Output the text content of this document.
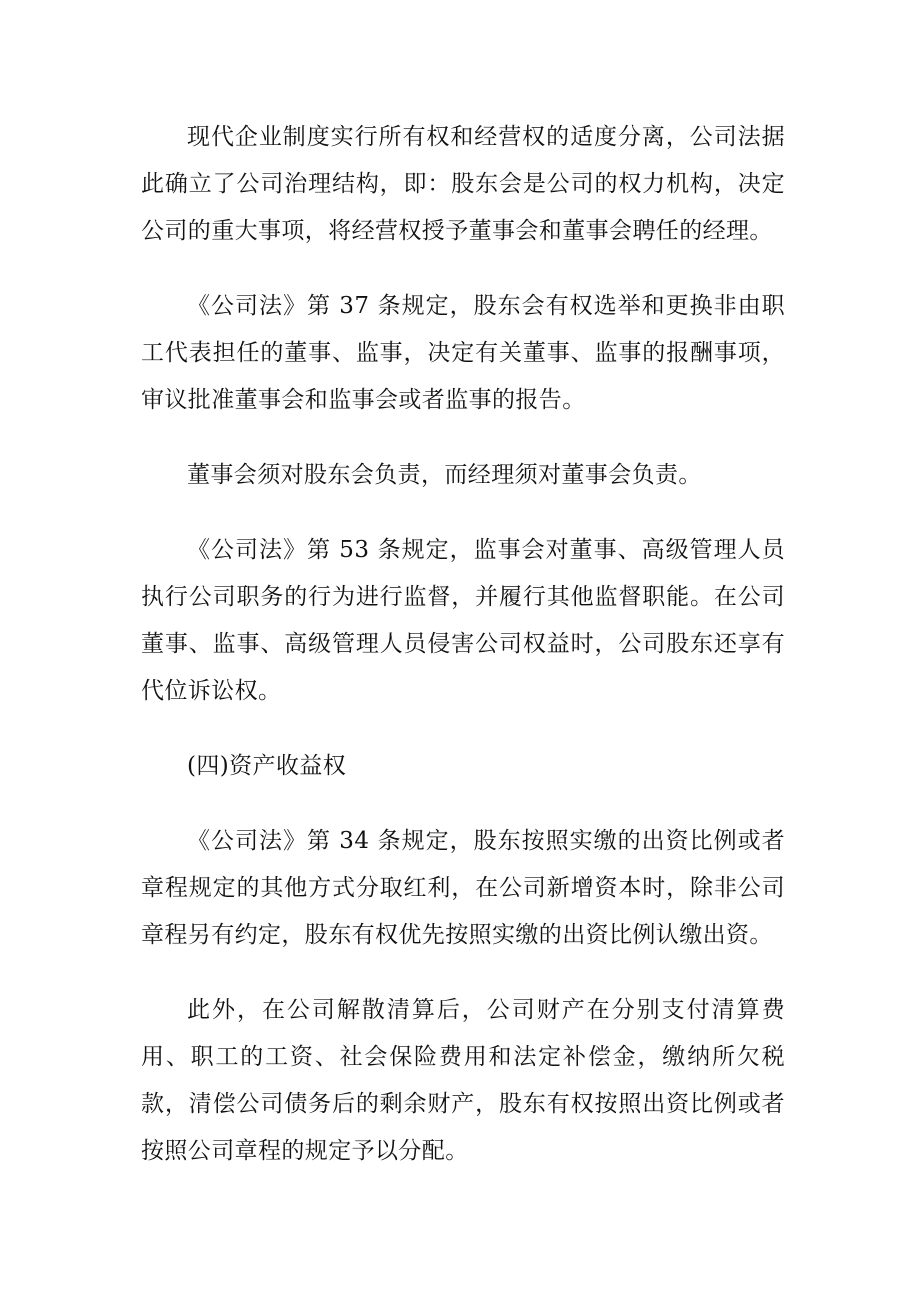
现代企业制度实行所有权和经营权的适度分离，公司法据此确立了公司治理结构，即：股东会是公司的权力机构，决定公司的重大事项，将经营权授予董事会和董事会聘任的经理。

《公司法》第 37 条规定，股东会有权选举和更换非由职工代表担任的董事、监事，决定有关董事、监事的报酬事项，审议批准董事会和监事会或者监事的报告。

董事会须对股东会负责，而经理须对董事会负责。

《公司法》第 53 条规定，监事会对董事、高级管理人员执行公司职务的行为进行监督，并履行其他监督职能。在公司董事、监事、高级管理人员侵害公司权益时，公司股东还享有代位诉讼权。

(四)资产收益权

《公司法》第 34 条规定，股东按照实缴的出资比例或者章程规定的其他方式分取红利，在公司新增资本时，除非公司章程另有约定，股东有权优先按照实缴的出资比例认缴出资。

此外，在公司解散清算后，公司财产在分别支付清算费用、职工的工资、社会保险费用和法定补偿金，缴纳所欠税款，清偿公司债务后的剩余财产，股东有权按照出资比例或者按照公司章程的规定予以分配。
